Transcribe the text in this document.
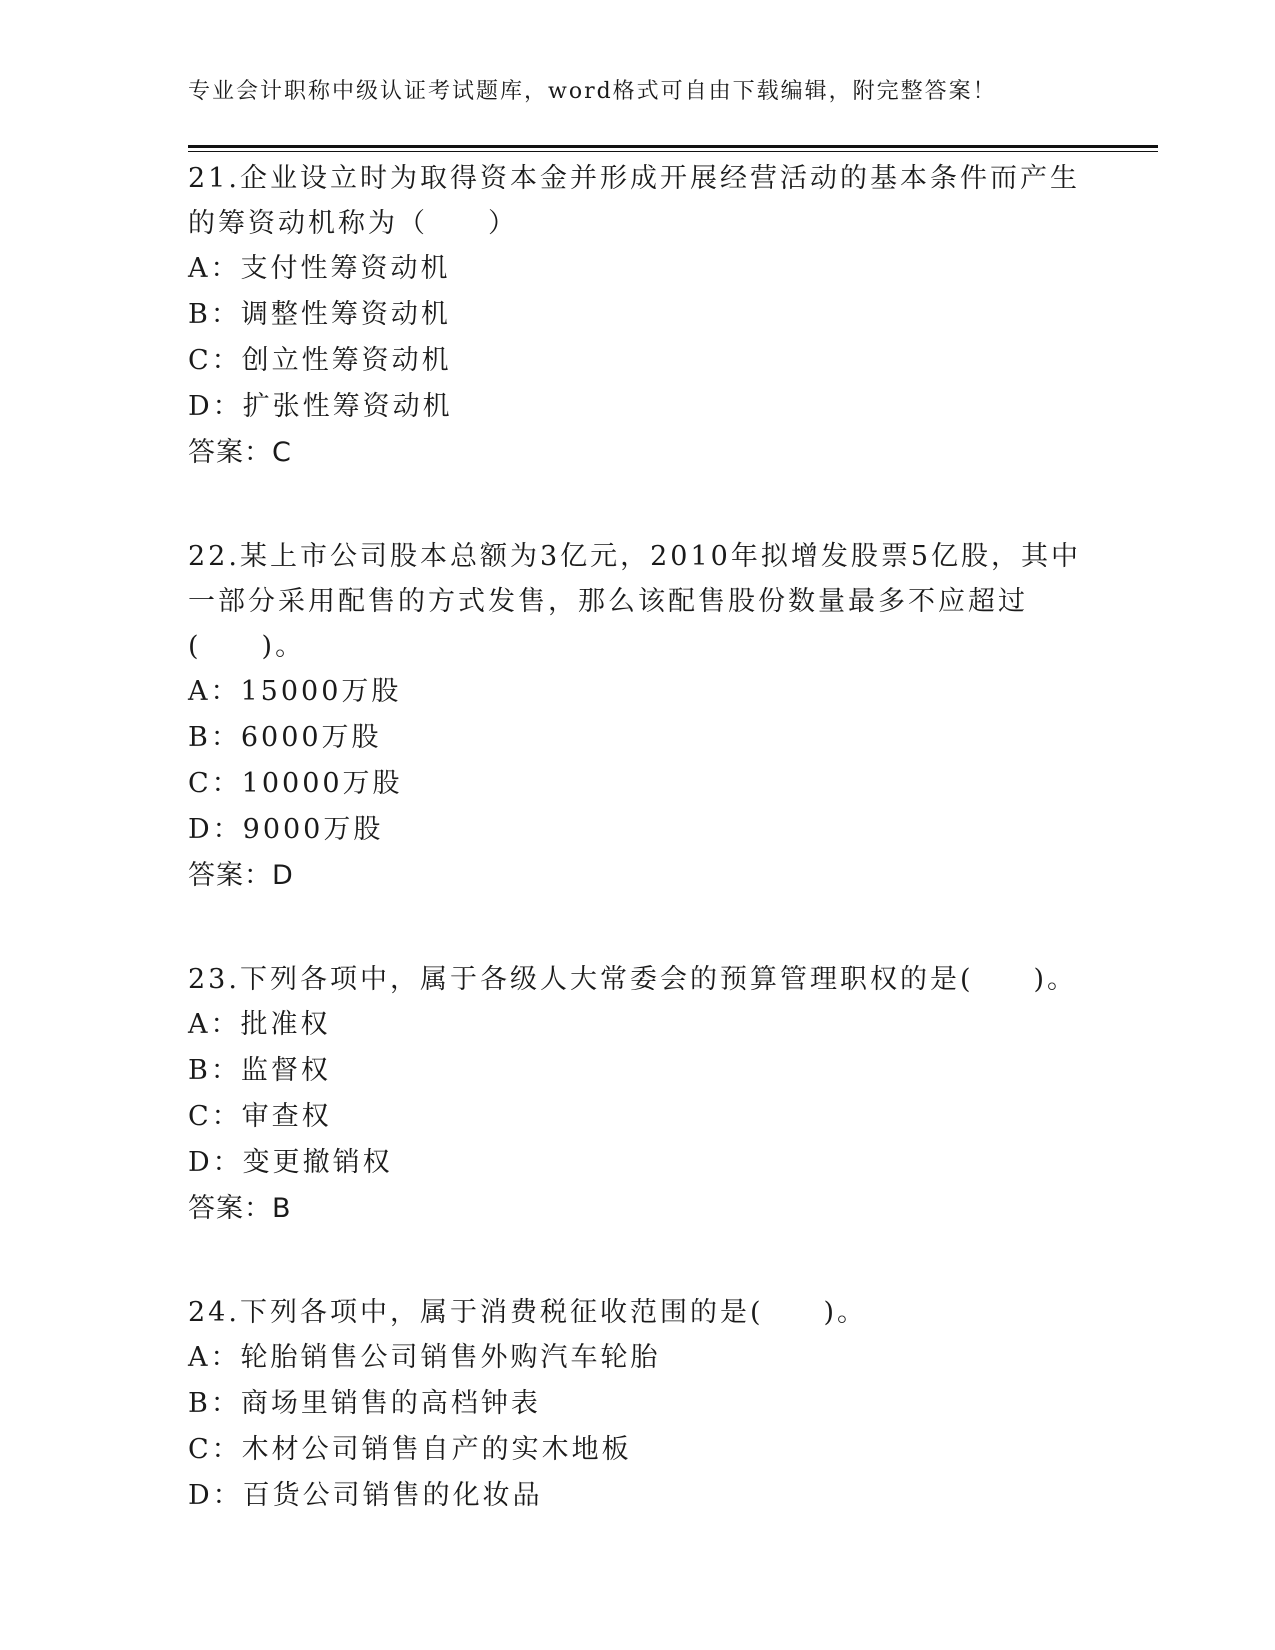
专业会计职称中级认证考试题库，word格式可自由下载编辑，附完整答案！
21.企业设立时为取得资本金并形成开展经营活动的基本条件而产生的筹资动机称为（　　）
A：支付性筹资动机
B：调整性筹资动机
C：创立性筹资动机
D：扩张性筹资动机
答案：C
22.某上市公司股本总额为3亿元，2010年拟增发股票5亿股，其中一部分采用配售的方式发售，那么该配售股份数量最多不应超过(　　)。
A：15000万股
B：6000万股
C：10000万股
D：9000万股
答案：D
23.下列各项中，属于各级人大常委会的预算管理职权的是(　　)。
A：批准权
B：监督权
C：审查权
D：变更撤销权
答案：B
24.下列各项中，属于消费税征收范围的是(　　)。
A：轮胎销售公司销售外购汽车轮胎
B：商场里销售的高档钟表
C：木材公司销售自产的实木地板
D：百货公司销售的化妆品
